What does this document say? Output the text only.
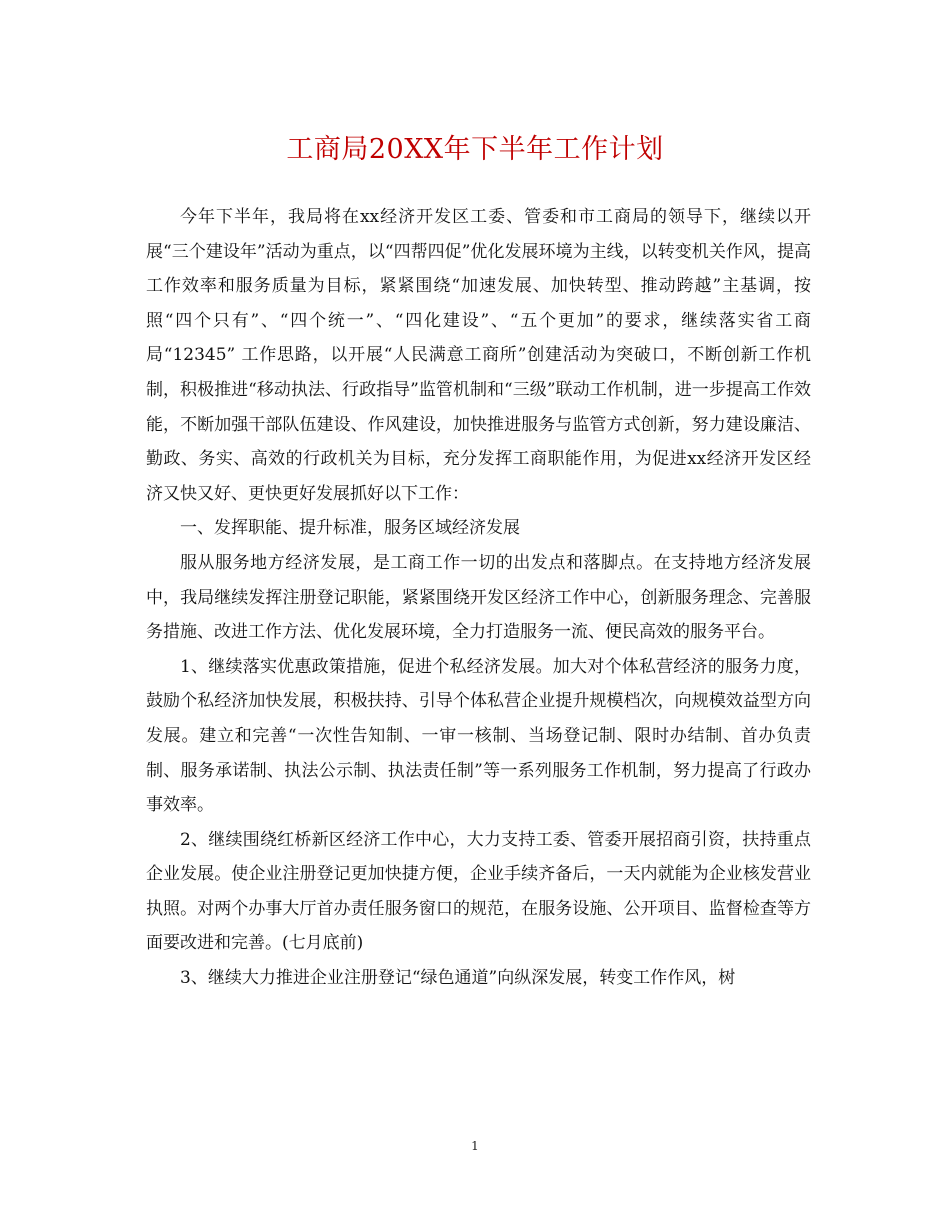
工商局20XX年下半年工作计划

今年下半年，我局将在xx经济开发区工委、管委和市工商局的领导下，继续以开展“三个建设年”活动为重点，以“四帮四促”优化发展环境为主线，以转变机关作风，提高工作效率和服务质量为目标，紧紧围绕“加速发展、加快转型、推动跨越”主基调，按照“四个只有”、“四个统一”、“四化建设”、“五个更加”的要求，继续落实省工商局“12345” 工作思路，以开展“人民满意工商所”创建活动为突破口，不断创新工作机制，积极推进“移动执法、行政指导”监管机制和“三级”联动工作机制，进一步提高工作效能，不断加强干部队伍建设、作风建设，加快推进服务与监管方式创新，努力建设廉洁、勤政、务实、高效的行政机关为目标，充分发挥工商职能作用，为促进xx经济开发区经济又快又好、更快更好发展抓好以下工作：

一、发挥职能、提升标准，服务区域经济发展

服从服务地方经济发展，是工商工作一切的出发点和落脚点。在支持地方经济发展中，我局继续发挥注册登记职能，紧紧围绕开发区经济工作中心，创新服务理念、完善服务措施、改进工作方法、优化发展环境，全力打造服务一流、便民高效的服务平台。

1、继续落实优惠政策措施，促进个私经济发展。加大对个体私营经济的服务力度，鼓励个私经济加快发展，积极扶持、引导个体私营企业提升规模档次，向规模效益型方向发展。建立和完善“一次性告知制、一审一核制、当场登记制、限时办结制、首办负责制、服务承诺制、执法公示制、执法责任制”等一系列服务工作机制，努力提高了行政办事效率。

2、继续围绕红桥新区经济工作中心，大力支持工委、管委开展招商引资，扶持重点企业发展。使企业注册登记更加快捷方便，企业手续齐备后，一天内就能为企业核发营业执照。对两个办事大厅首办责任服务窗口的规范，在服务设施、公开项目、监督检查等方面要改进和完善。(七月底前)

3、继续大力推进企业注册登记“绿色通道”向纵深发展，转变工作作风，树

1
